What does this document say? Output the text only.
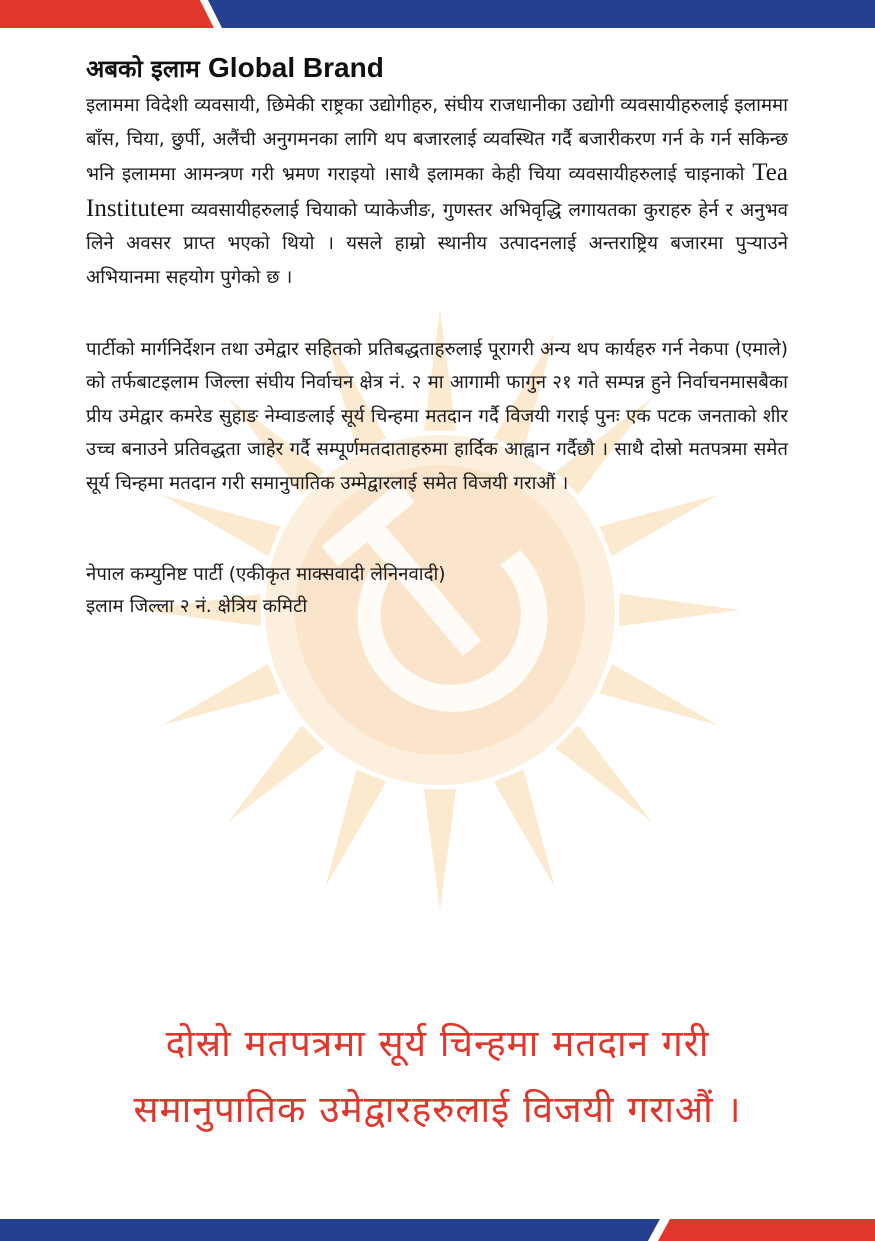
अबको इलाम Global Brand

इलाममा विदेशी व्यवसायी, छिमेकी राष्ट्रका उद्योगीहरु, संघीय राजधानीका उद्योगी व्यवसायीहरुलाई इलाममा बाँस, चिया, छुर्पी, अलैंची अनुगमनका लागि थप बजारलाई व्यवस्थित गर्दै बजारीकरण गर्न के गर्न सकिन्छ भनि इलाममा आमन्त्रण गरी भ्रमण गराइयो ।साथै इलामका केही चिया व्यवसायीहरुलाई चाइनाको Tea Instituteमा व्यवसायीहरुलाई चियाको प्याकेजीङ, गुणस्तर अभिवृद्धि लगायतका कुराहरु हेर्न र अनुभव लिने अवसर प्राप्त भएको थियो । यसले हाम्रो स्थानीय उत्पादनलाई अन्तराष्ट्रिय बजारमा पुऱ्याउने अभियानमा सहयोग पुगेको छ ।

पार्टीको मार्गनिर्देशन तथा उमेद्वार सहितको प्रतिबद्धताहरुलाई पूरागरी अन्य थप कार्यहरु गर्न नेकपा (एमाले) को तर्फबाटइलाम जिल्ला संघीय निर्वाचन क्षेत्र नं. २ मा आगामी फागुन २१ गते सम्पन्न हुने निर्वाचनमासबैका प्रीय उमेद्वार कमरेड सुहाङ नेम्वाङलाई सूर्य चिन्हमा मतदान गर्दै विजयी गराई पुनः एक पटक जनताको शीर उच्च बनाउने प्रतिवद्धता जाहेर गर्दै सम्पूर्णमतदाताहरुमा हार्दिक आह्वान गर्दैछौ । साथै दोस्रो मतपत्रमा समेत सूर्य चिन्हमा मतदान गरी समानुपातिक उम्मेद्वारलाई समेत विजयी गराऔं ।

नेपाल कम्युनिष्ट पार्टी (एकीकृत माक्सवादी लेनिनवादी)
इलाम जिल्ला २ नं. क्षेत्रिय कमिटी
दोस्रो मतपत्रमा सूर्य चिन्हमा मतदान गरी
समानुपातिक उमेद्वारहरुलाई विजयी गराऔं ।
